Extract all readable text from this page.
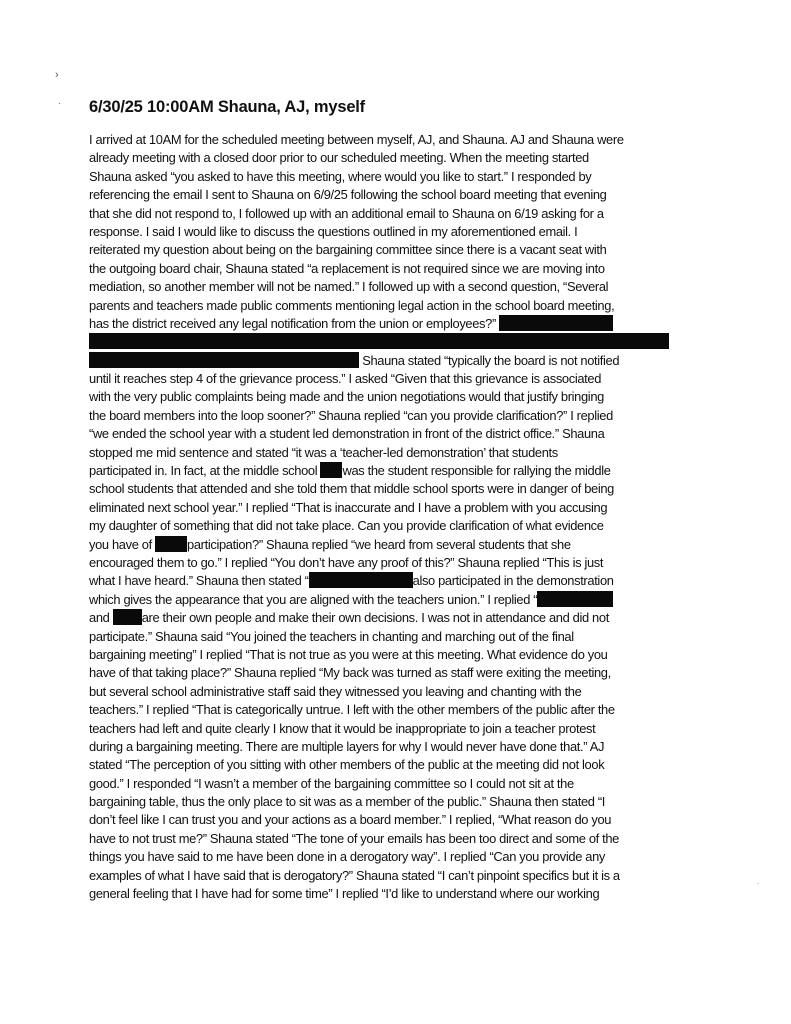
›
․
․
6/30/25 10:00AM Shauna, AJ, myself
I arrived at 10AM for the scheduled meeting between myself, AJ, and Shauna. AJ and Shauna were
already meeting with a closed door prior to our scheduled meeting. When the meeting started
Shauna asked “you asked to have this meeting, where would you like to start.” I responded by
referencing the email I sent to Shauna on 6/9/25 following the school board meeting that evening
that she did not respond to, I followed up with an additional email to Shauna on 6/19 asking for a
response. I said I would like to discuss the questions outlined in my aforementioned email. I
reiterated my question about being on the bargaining committee since there is a vacant seat with
the outgoing board chair, Shauna stated “a replacement is not required since we are moving into
mediation, so another member will not be named.” I followed up with a second question, “Several
parents and teachers made public comments mentioning legal action in the school board meeting,
has the district received any legal notification from the union or employees?”
Shauna stated “typically the board is not notified
until it reaches step 4 of the grievance process.” I asked “Given that this grievance is associated
with the very public complaints being made and the union negotiations would that justify bringing
the board members into the loop sooner?” Shauna replied “can you provide clarification?” I replied
“we ended the school year with a student led demonstration in front of the district office.” Shauna
stopped me mid sentence and stated “it was a ‘teacher-led demonstration’ that students
participated in. In fact, at the middle school was the student responsible for rallying the middle
school students that attended and she told them that middle school sports were in danger of being
eliminated next school year.” I replied “That is inaccurate and I have a problem with you accusing
my daughter of something that did not take place. Can you provide clarification of what evidence
you have of participation?” Shauna replied “we heard from several students that she
encouraged them to go.” I replied “You don’t have any proof of this?” Shauna replied “This is just
what I have heard.” Shauna then stated “	also participated in the demonstration
which gives the appearance that you are aligned with the teachers union.” I replied “
and are their own people and make their own decisions. I was not in attendance and did not
participate.” Shauna said “You joined the teachers in chanting and marching out of the final
bargaining meeting” I replied “That is not true as you were at this meeting. What evidence do you
have of that taking place?” Shauna replied “My back was turned as staff were exiting the meeting,
but several school administrative staff said they witnessed you leaving and chanting with the
teachers.” I replied “That is categorically untrue. I left with the other members of the public after the
teachers had left and quite clearly I know that it would be inappropriate to join a teacher protest
during a bargaining meeting. There are multiple layers for why I would never have done that.” AJ
stated “The perception of you sitting with other members of the public at the meeting did not look
good.” I responded “I wasn’t a member of the bargaining committee so I could not sit at the
bargaining table, thus the only place to sit was as a member of the public.” Shauna then stated “I
don’t feel like I can trust you and your actions as a board member.” I replied, “What reason do you
have to not trust me?” Shauna stated “The tone of your emails has been too direct and some of the
things you have said to me have been done in a derogatory way”. I replied “Can you provide any
examples of what I have said that is derogatory?” Shauna stated “I can’t pinpoint specifics but it is a
general feeling that I have had for some time” I replied “I’d like to understand where our working
